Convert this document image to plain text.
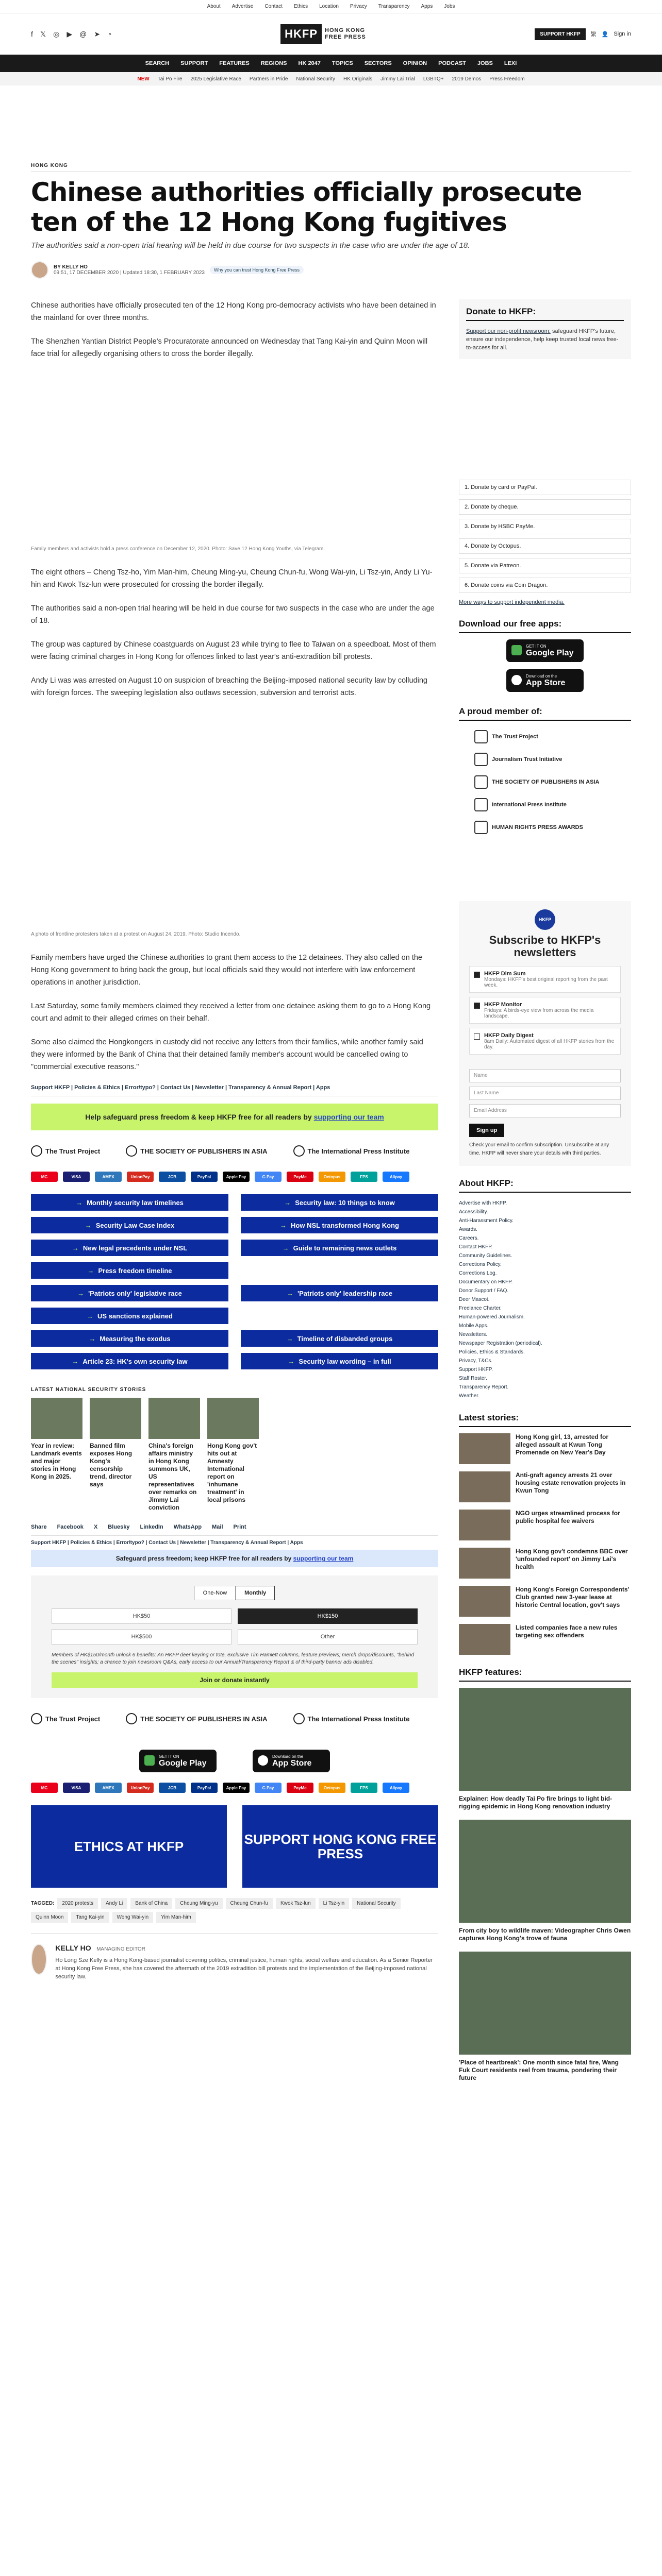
About Advertise Contact Ethics Location Privacy Transparency Apps Jobs
f 𝕏 ◎ ▶ @ ➤ ◔	HKFP	HONG KONG
FREE PRESS	SUPPORT HKFP	繁 👤 Sign in
SEARCH SUPPORT FEATURES REGIONS HK 2047 TOPICS SECTORS OPINION PODCAST JOBS LEXI
NEW Tai Po Fire 2025 Legislative Race Partners in Pride National Security HK Originals Jimmy Lai Trial LGBTQ+ 2019 Demos Press Freedom
HONG KONG
Chinese authorities officially prosecute ten of the 12 Hong Kong fugitives
The authorities said a non-open trial hearing will be held in due course for two suspects in the case who are under the age of 18.
BY KELLY HO
09:51, 17 DECEMBER 2020 | Updated 18:30, 1 FEBRUARY 2023	Why you can trust Hong Kong Free Press

Chinese authorities have officially prosecuted ten of the 12 Hong Kong pro-democracy activists who have been detained in the mainland for over three months.

The Shenzhen Yantian District People's Procuratorate announced on Wednesday that Tang Kai-yin and Quinn Moon will face trial for allegedly organising others to cross the border illegally.

Family members and activists hold a press conference on December 12, 2020. Photo: Save 12 Hong Kong Youths, via Telegram.

The eight others – Cheng Tsz-ho, Yim Man-him, Cheung Ming-yu, Cheung Chun-fu, Wong Wai-yin, Li Tsz-yin, Andy Li Yu-hin and Kwok Tsz-lun were prosecuted for crossing the border illegally.

The authorities said a non-open trial hearing will be held in due course for two suspects in the case who are under the age of 18.

The group was captured by Chinese coastguards on August 23 while trying to flee to Taiwan on a speedboat. Most of them were facing criminal charges in Hong Kong for offences linked to last year's anti-extradition bill protests.

Andy Li was was arrested on August 10 on suspicion of breaching the Beijing-imposed national security law by colluding with foreign forces. The sweeping legislation also outlaws secession, subversion and terrorist acts.

A photo of frontline protesters taken at a protest on August 24, 2019. Photo: Studio Incendo.

Family members have urged the Chinese authorities to grant them access to the 12 detainees. They also called on the Hong Kong government to bring back the group, but local officials said they would not interfere with law enforcement operations in another jurisdiction.

Last Saturday, some family members claimed they received a letter from one detainee asking them to go to a Hong Kong court and admit to their alleged crimes on their behalf.

Some also claimed the Hongkongers in custody did not receive any letters from their families, while another family said they were informed by the Bank of China that their detained family member's account would be cancelled owing to "commercial executive reasons."

Support HKFP | Policies & Ethics | Error/typo? | Contact Us | Newsletter | Transparency & Annual Report | Apps
Help safeguard press freedom & keep HKFP free for all readers by supporting our team
The Trust Project	THE SOCIETY OF PUBLISHERS IN ASIA	The International Press Institute
MC	VISA	AMEX	UnionPay	JCB	PayPal	Apple Pay	G Pay	PayMe	Octopus	FPS	Alipay
→ Monthly security law timelines	→ Security law: 10 things to know
→ Security Law Case Index	→ How NSL transformed Hong Kong
→ New legal precedents under NSL	→ Guide to remaining news outlets
→ Press freedom timeline
→ 'Patriots only' legislative race	→ 'Patriots only' leadership race
→ US sanctions explained
→ Measuring the exodus	→ Timeline of disbanded groups
→ Article 23: HK's own security law	→ Security law wording – in full
LATEST NATIONAL SECURITY STORIES
Year in review: Landmark events and major stories in Hong Kong in 2025.
Banned film exposes Hong Kong's censorship trend, director says
China's foreign affairs ministry in Hong Kong summons UK, US representatives over remarks on Jimmy Lai conviction
Hong Kong gov't hits out at Amnesty International report on 'inhumane treatment' in local prisons
Share Facebook X Bluesky LinkedIn WhatsApp Mail Print
Support HKFP | Policies & Ethics | Error/typo? | Contact Us | Newsletter | Transparency & Annual Report | Apps
Safeguard press freedom; keep HKFP free for all readers by supporting our team
One-Now	Monthly
HK$50	HK$150
HK$500	Other
Members of HK$150/month unlock 6 benefits: An HKFP deer keyring or tote, exclusive Tim Hamlett columns, feature previews; merch drops/discounts, "behind the scenes" insights; a chance to join newsroom Q&As, early access to our Annual/Transparency Report & of third-party banner ads disabled.
Join or donate instantly
The Trust Project	THE SOCIETY OF PUBLISHERS IN ASIA	The International Press Institute
GET IT ON
Google Play
Download on the
App Store
MC	VISA	AMEX	UnionPay	JCB	PayPal	Apple Pay	G Pay	PayMe	Octopus	FPS	Alipay
ETHICS AT HKFP	SUPPORT HONG KONG FREE PRESS
TAGGED:	2020 protests	Andy Li	Bank of China	Cheung Ming-yu	Cheung Chun-fu	Kwok Tsz-lun	Li Tsz-yin	National Security
Quinn Moon	Tang Kai-yin	Wong Wai-yin	Yim Man-him
KELLY HO MANAGING EDITOR
Ho Long Sze Kelly is a Hong Kong-based journalist covering politics, criminal justice, human rights, social welfare and education. As a Senior Reporter at Hong Kong Free Press, she has covered the aftermath of the 2019 extradition bill protests and the implementation of the Beijing-imposed national security law.
Donate to HKFP:
Support our non-profit newsroom: safeguard HKFP's future, ensure our independence, help keep trusted local news free-to-access for all.
1. Donate by card or PayPal.
2. Donate by cheque.
3. Donate by HSBC PayMe.
4. Donate by Octopus.
5. Donate via Patreon.
6. Donate coins via Coin Dragon.
More ways to support independent media.
Download our free apps:
GET IT ON
Google Play
Download on the
App Store
A proud member of:
The Trust Project
Journalism Trust Initiative
THE SOCIETY OF PUBLISHERS IN ASIA
International Press Institute
HUMAN RIGHTS PRESS AWARDS
HKFP
Subscribe to HKFP's newsletters
HKFP Dim Sum
Mondays: HKFP's best original reporting from the past week.
HKFP Monitor
Fridays: A birds-eye view from across the media landscape.
HKFP Daily Digest
8am Daily: Automated digest of all HKFP stories from the day.
Name
Last Name
Email Address
Sign up
Check your email to confirm subscription. Unsubscribe at any time. HKFP will never share your details with third parties.
About HKFP:
Advertise with HKFP.
Accessibility.
Anti-Harassment Policy.
Awards.
Careers.
Contact HKFP.
Community Guidelines.
Corrections Policy.
Corrections Log.
Documentary on HKFP.
Donor Support / FAQ.
Deer Mascot.
Freelance Charter.
Human-powered Journalism.
Mobile Apps.
Newsletters.
Newspaper Registration (periodical).
Policies, Ethics & Standards.
Privacy, T&Cs.
Support HKFP.
Staff Roster.
Transparency Report.
Weather.
Latest stories:
Hong Kong girl, 13, arrested for alleged assault at Kwun Tong Promenade on New Year's Day
Anti-graft agency arrests 21 over housing estate renovation projects in Kwun Tong
NGO urges streamlined process for public hospital fee waivers
Hong Kong gov't condemns BBC over 'unfounded report' on Jimmy Lai's health
Hong Kong's Foreign Correspondents' Club granted new 3-year lease at historic Central location, gov't says
Listed companies face a new rules targeting sex offenders
HKFP features:
Explainer: How deadly Tai Po fire brings to light bid-rigging epidemic in Hong Kong renovation industry
From city boy to wildlife maven: Videographer Chris Owen captures Hong Kong's trove of fauna
'Place of heartbreak': One month since fatal fire, Wang Fuk Court residents reel from trauma, pondering their future
